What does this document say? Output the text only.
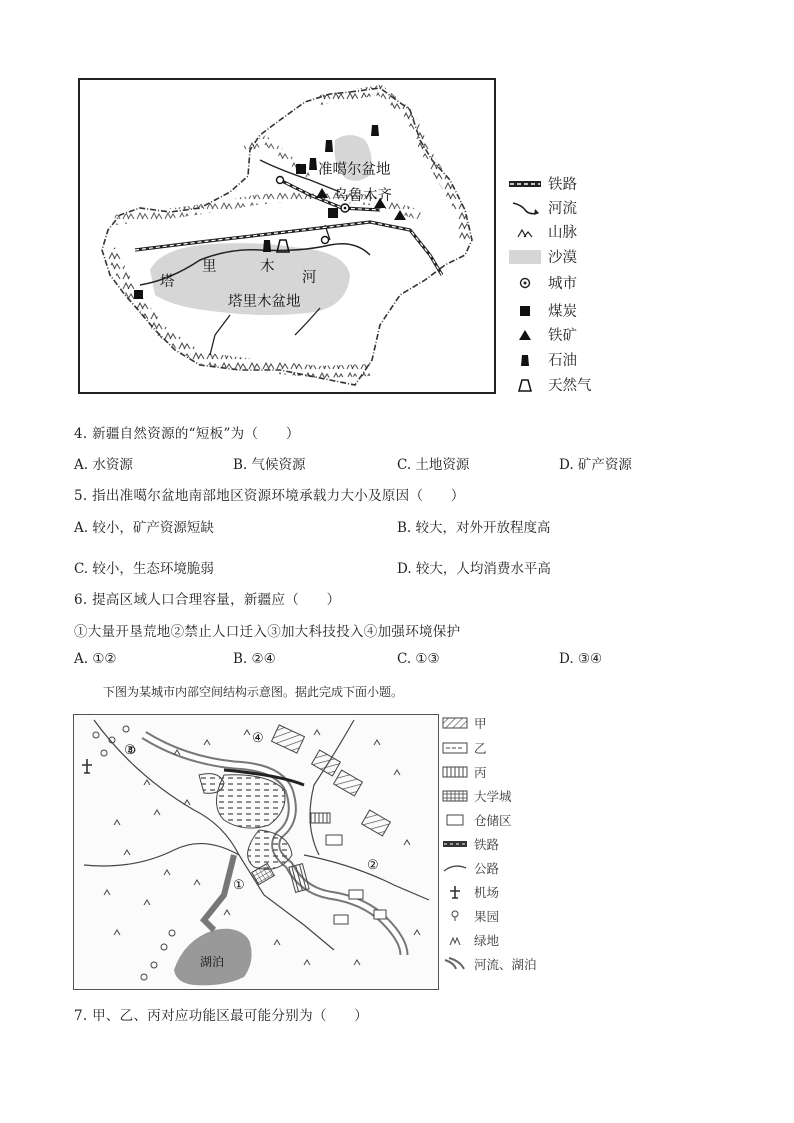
准噶尔盆地
乌鲁木齐
塔
里	木
河
塔里木盆地
铁路
河流
山脉
沙漠
城市
煤炭
铁矿
石油
天然气
4. 新疆自然资源的“短板”为（　　）
A. 水资源	B. 气候资源	C. 土地资源	D. 矿产资源
5. 指出准噶尔盆地南部地区资源环境承载力大小及原因（　　）
A. 较小，矿产资源短缺	B. 较大，对外开放程度高
C. 较小，生态环境脆弱	D. 较大，人均消费水平高
6. 提高区域人口合理容量，新疆应（　　）
①大量开垦荒地②禁止人口迁入③加大科技投入④加强环境保护
A. ①②	B. ②④	C. ①③	D. ③④
下图为某城市内部空间结构示意图。据此完成下面小题。
①
②
③
④
湖泊
甲
乙
丙
大学城
仓储区
铁路
公路
机场
果园
绿地
河流、湖泊
7. 甲、乙、丙对应功能区最可能分别为（　　）
